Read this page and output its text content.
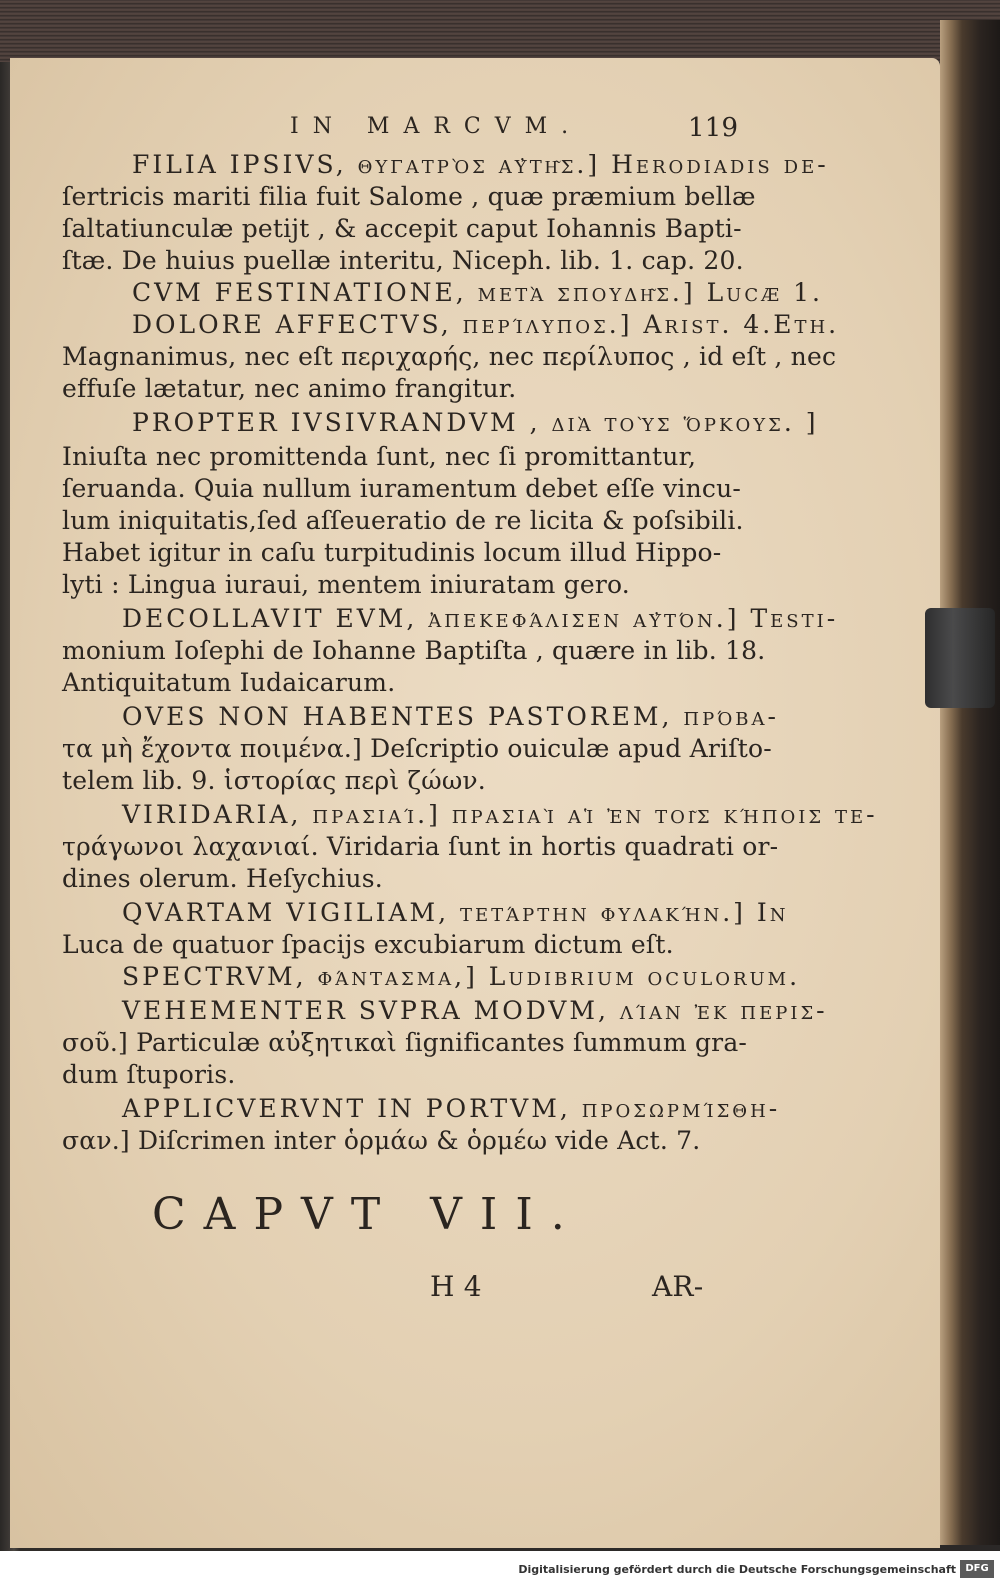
IN MARCVM.	119
FILIA IPSIVS, θυγατρὸς αὐτῆς.] Herodiadis de-
ſertricis mariti filia fuit Salome , quæ præmium bellæ
ſaltatiunculæ petijt , & accepit caput Iohannis Bapti-
ſtæ. De huius puellæ interitu, Niceph. lib. 1. cap. 20.
CVM FESTINATIONE, μετὰ σπουδῆς.] Lucæ 1.
DOLORE AFFECTVS, περίλυπος.] Ariſt. 4.Eth.
Magnanimus, nec eſt περιχαρής, nec περίλυπος , id eſt , nec
effuſe lætatur, nec animo frangitur.
PROPTER IVSIVRANDVM , διὰ τοὺς ὅρκους. ]
Iniuſta nec promittenda ſunt, nec ſi promittantur,
ſeruanda. Quia nullum iuramentum debet eſſe vincu-
lum iniquitatis,ſed aſſeueratio de re licita & poſsibili.
Habet igitur in caſu turpitudinis locum illud Hippo-
lyti : Lingua iuraui, mentem iniuratam gero.
DECOLLAVIT EVM, ἀπεκεφάλισεν αὐτόν.] Teſti-
monium Ioſephi de Iohanne Baptiſta , quære in lib. 18.
Antiquitatum Iudaicarum.
OVES NON HABENTES PASTOREM, πρόβα-
τα μὴ ἔχοντα ποιμένα.] Deſcriptio ouiculæ apud Ariſto-
telem lib. 9. ἱστορίας περὶ ζώων.
VIRIDARIA, πρασιαί.] πρασιαὶ αἱ ἐν τοῖς κήποις τε-
τράγωνοι λαχανιαί. Viridaria ſunt in hortis quadrati or-
dines olerum. Heſychius.
QVARTAM VIGILIAM, τετάρτην φυλακήν.] In
Luca de quatuor ſpacijs excubiarum dictum eſt.
SPECTRVM, φάντασμα,] Ludibrium oculorum.
VEHEMENTER SVPRA MODVM, λίαν ἐκ περισ-
σοῦ.] Particulæ αὐξητικαὶ ſignificantes ſummum gra-
dum ſtuporis.
APPLICVERVNT IN PORTVM, προσωρμίσθη-
σαν.] Diſcrimen inter ὁρμάω & ὁρμέω vide Act. 7.
CAPVT VII.
H 4	AR-
Digitalisierung gefördert durch die Deutsche Forschungsgemeinschaft DFG
